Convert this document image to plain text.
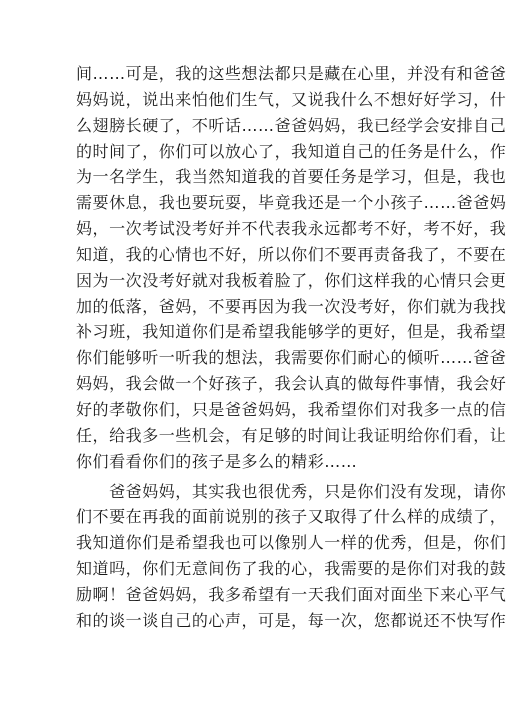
间……可是，我的这些想法都只是藏在心里，并没有和爸爸
妈妈说，说出来怕他们生气，又说我什么不想好好学习，什
么翅膀长硬了，不听话……爸爸妈妈，我已经学会安排自己
的时间了，你们可以放心了，我知道自己的任务是什么，作
为一名学生，我当然知道我的首要任务是学习，但是，我也
需要休息，我也要玩耍，毕竟我还是一个小孩子……爸爸妈
妈，一次考试没考好并不代表我永远都考不好，考不好，我
知道，我的心情也不好，所以你们不要再责备我了，不要在
因为一次没考好就对我板着脸了，你们这样我的心情只会更
加的低落，爸妈，不要再因为我一次没考好，你们就为我找
补习班，我知道你们是希望我能够学的更好，但是，我希望
你们能够听一听我的想法，我需要你们耐心的倾听……爸爸
妈妈，我会做一个好孩子，我会认真的做每件事情，我会好
好的孝敬你们，只是爸爸妈妈，我希望你们对我多一点的信
任，给我多一些机会，有足够的时间让我证明给你们看，让
你们看看你们的孩子是多么的精彩……
　　爸爸妈妈，其实我也很优秀，只是你们没有发现，请你
们不要在再我的面前说别的孩子又取得了什么样的成绩了，
我知道你们是希望我也可以像别人一样的优秀，但是，你们
知道吗，你们无意间伤了我的心，我需要的是你们对我的鼓
励啊！爸爸妈妈，我多希望有一天我们面对面坐下来心平气
和的谈一谈自己的心声，可是，每一次，您都说还不快写作
